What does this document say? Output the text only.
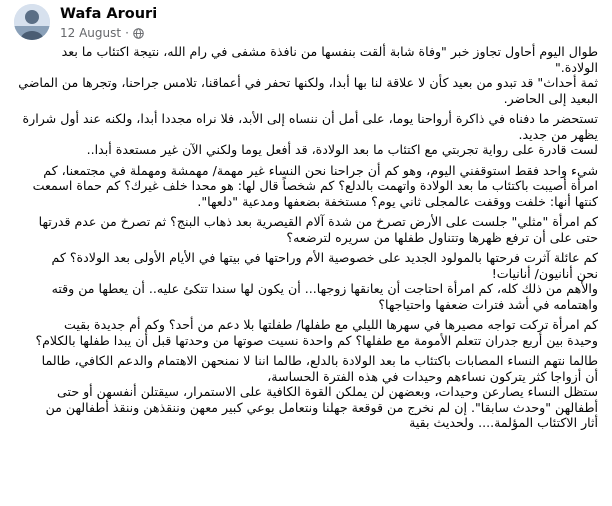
Wafa Arouri
12 August ·

طوال اليوم أحاول تجاوز خبر "وفاة شابة ألقت بنفسها من نافذة مشفى في رام الله، نتيجة اكتئاب ما بعد
الولادة."
ثمة أحداث" قد تبدو من بعيد كأن لا علاقة لنا بها أبدا، ولكنها تحفر في أعماقنا، تلامس جراحنا، وتجرها من الماضي
البعيد إلى الحاضر.

تستحضر ما دفناه في ذاكرة أرواحنا يوما، على أمل أن ننساه إلى الأبد، فلا نراه مجددا أبدا، ولكنه عند أول شرارة
يظهر من جديد.
لست قادرة على رواية تجربتي مع اكتئاب ما بعد الولادة، قد أفعل يوما ولكني الآن غير مستعدة أبدا..

شيء واحد فقط استوقفني اليوم، وهو كم أن جراحنا نحن النساء غير مهمة/ مهمشة ومهملة في مجتمعنا، كم
امرأة أصيبت باكتئاب ما بعد الولادة واتهمت بالدلع؟ كم شخصاً قال لها: هو محدا خلف غيرك؟ كم حماة اسمعت
كنتها أنها: خلفت ووقفت عالمجلى ثاني يوم؟ مستخفة بضعفها ومدعية "دلعها".

كم امرأة "مثلي" جلست على الأرض تصرخ من شدة آلام القيصرية بعد ذهاب البنج؟ ثم تصرخ من عدم قدرتها
حتى على أن ترفع ظهرها وتتناول طفلها من سريره لترضعه؟

كم عائلة آثرت فرحتها بالمولود الجديد على خصوصية الأم وراحتها في بيتها في الأيام الأولى بعد الولادة؟ كم
نحن أنانيون/ أنانيات!
والأهم من ذلك كله، كم امرأة احتاجت أن يعانقها زوجها... أن يكون لها سندا تتكئ عليه.. أن يعطها من وقته
واهتمامه في أشد فترات ضعفها واحتياجها؟

كم امرأة تركت تواجه مصيرها في سهرها الليلي مع طفلها/ طفلتها بلا دعم من أحد؟ وكم أم جديدة بقيت
وحيدة بين أربع جدران تتعلم الأمومة مع طفلها؟ كم واحدة نسيت صوتها من وحدتها قبل أن يبدا طفلها بالكلام؟

طالما نتهم النساء المصابات باكتئاب ما بعد الولادة بالدلع، طالما اننا لا نمنحهن الاهتمام والدعم الكافي، طالما
أن أزواجا كثر يتركون نساءهم وحيدات في هذه الفترة الحساسة،
ستظل النساء يصارعن وحيدات، وبعضهن لن يملكن القوة الكافية على الاستمرار، سيقتلن أنفسهن أو حتى
أطفالهن "وحدث سابقا". إن لم نخرج من قوقعة جهلنا ونتعامل بوعي كبير معهن وننقذهن وننقذ أطفالهن من
أثار الاكتئاب المؤلمة.... ولحديث بقية
